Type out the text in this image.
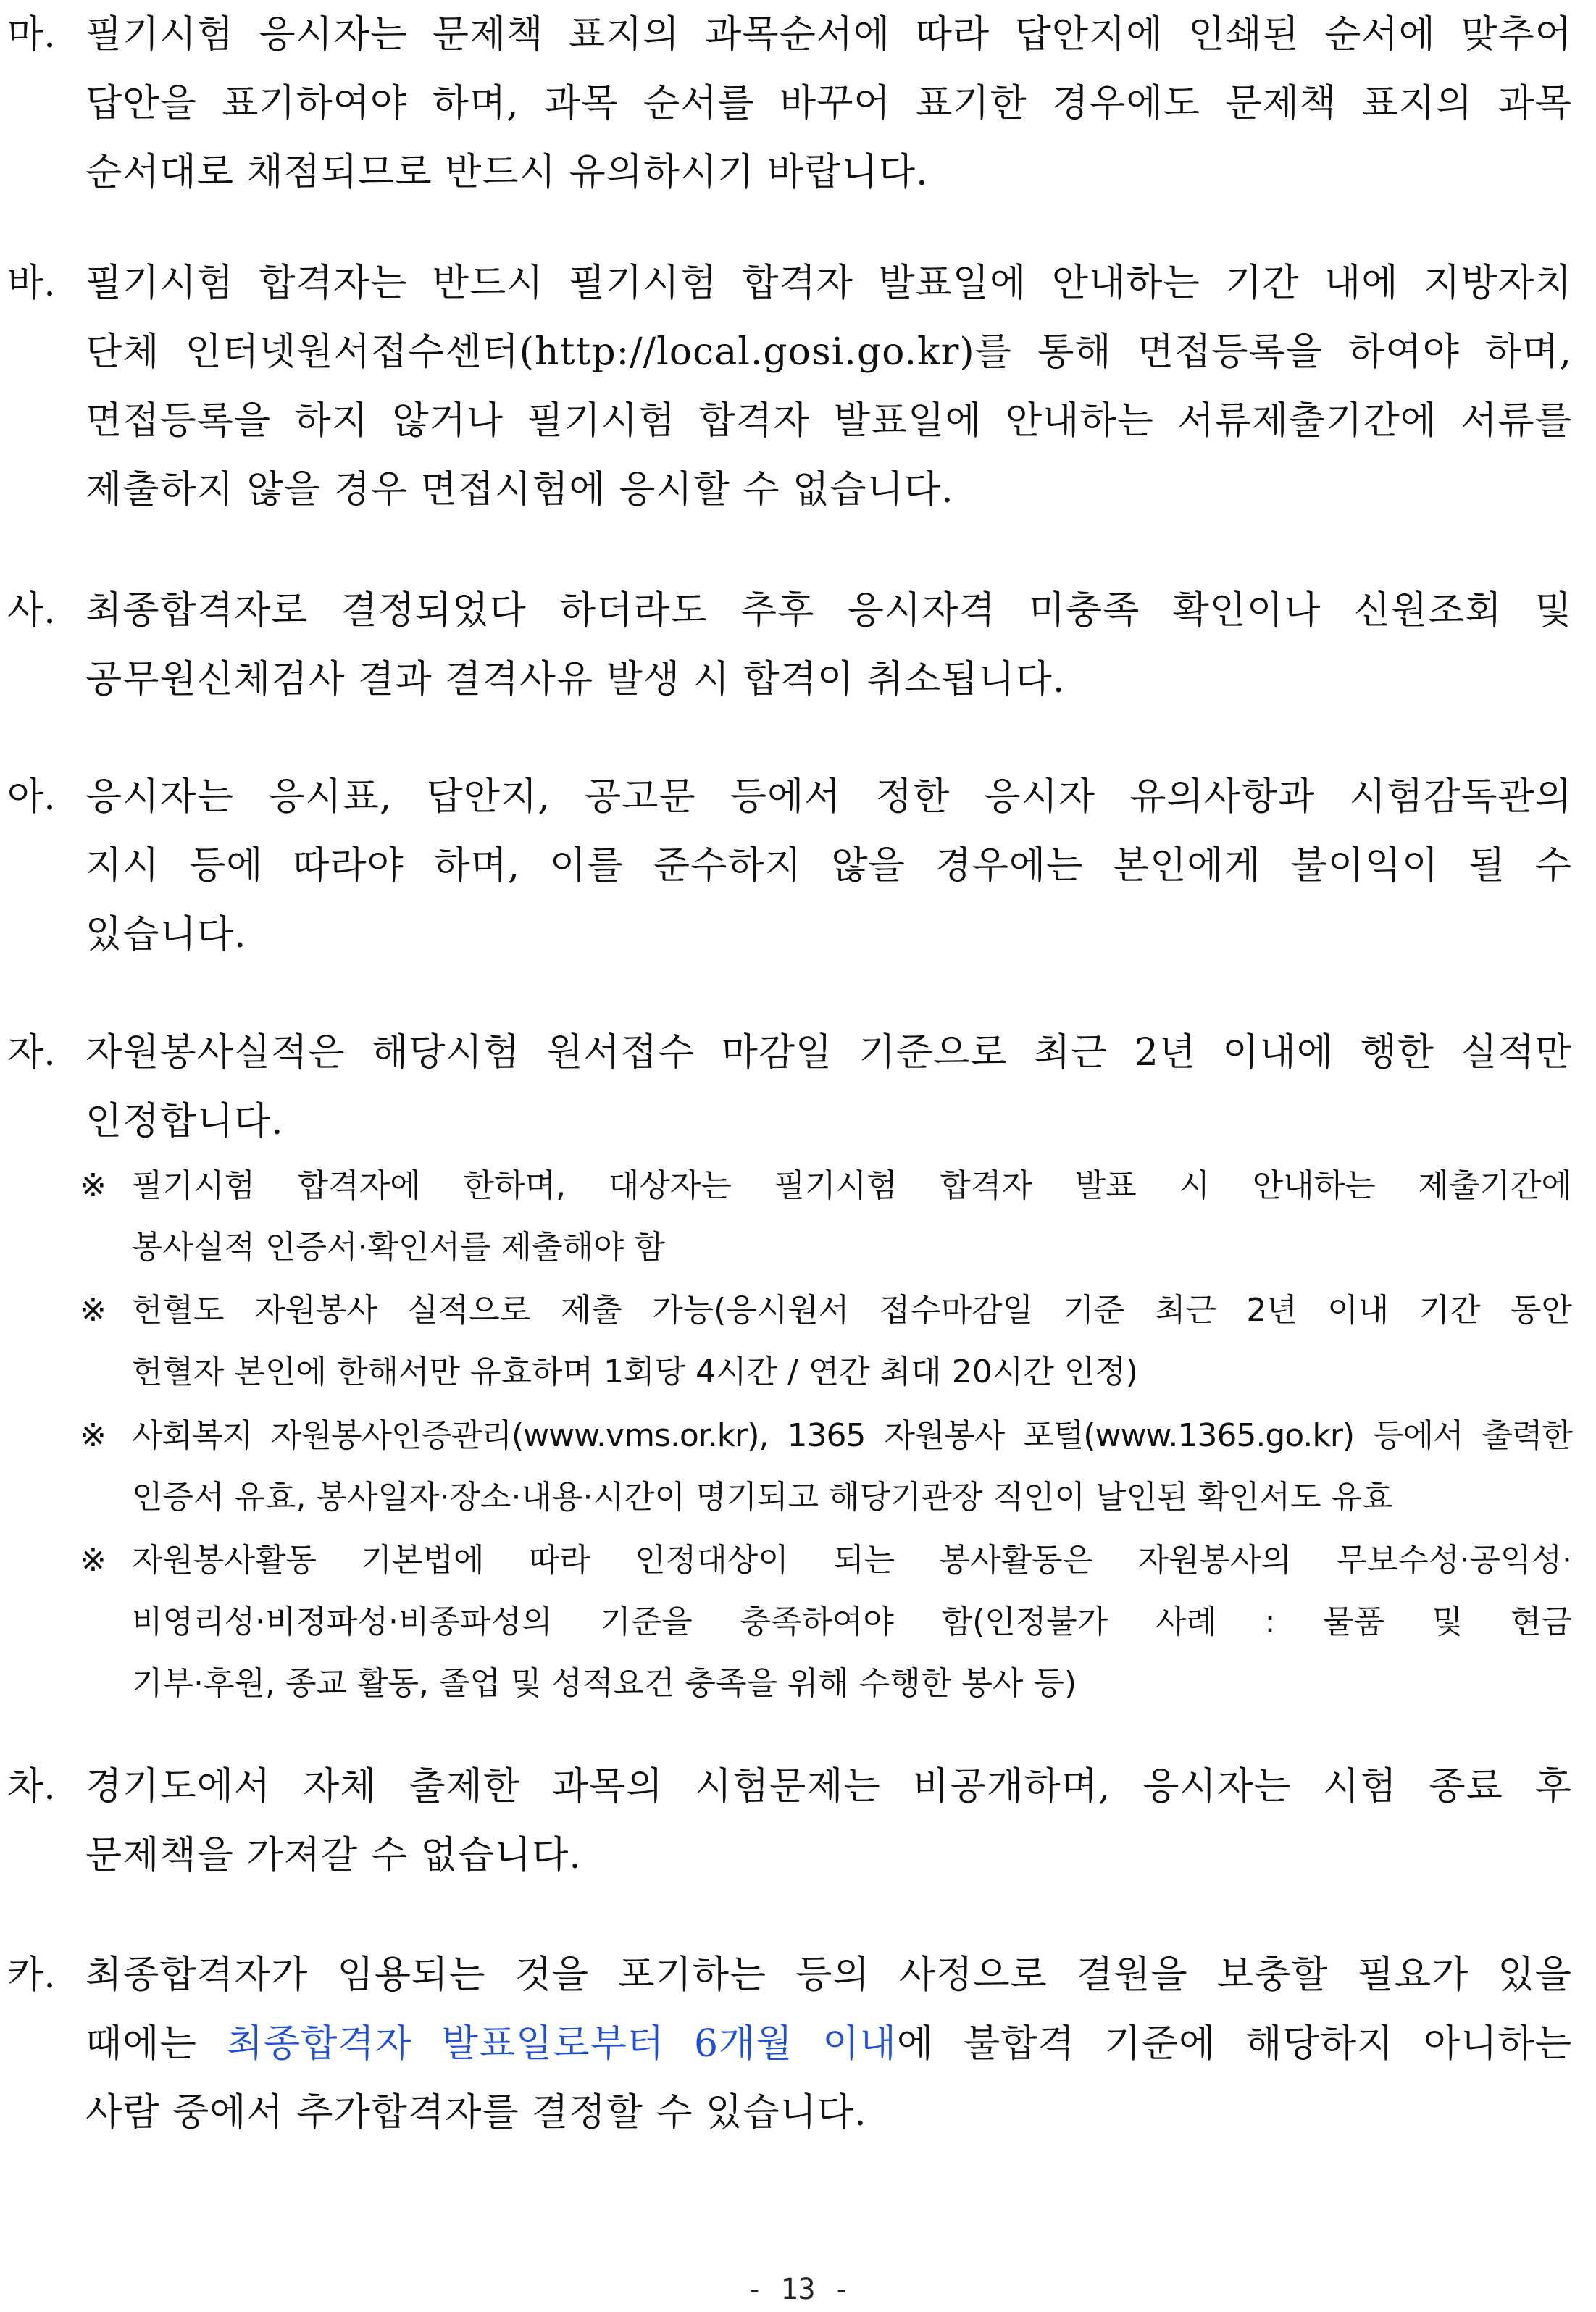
마. 필기시험 응시자는 문제책 표지의 과목순서에 따라 답안지에 인쇄된 순서에 맞추어
답안을 표기하여야 하며, 과목 순서를 바꾸어 표기한 경우에도 문제책 표지의 과목
순서대로 채점되므로 반드시 유의하시기 바랍니다.
바. 필기시험 합격자는 반드시 필기시험 합격자 발표일에 안내하는 기간 내에 지방자치
단체 인터넷원서접수센터(http://local.gosi.go.kr)를 통해 면접등록을 하여야 하며,
면접등록을 하지 않거나 필기시험 합격자 발표일에 안내하는 서류제출기간에 서류를
제출하지 않을 경우 면접시험에 응시할 수 없습니다.
사. 최종합격자로 결정되었다 하더라도 추후 응시자격 미충족 확인이나 신원조회 및
공무원신체검사 결과 결격사유 발생 시 합격이 취소됩니다.
아. 응시자는 응시표, 답안지, 공고문 등에서 정한 응시자 유의사항과 시험감독관의
지시 등에 따라야 하며, 이를 준수하지 않을 경우에는 본인에게 불이익이 될 수
있습니다.
자. 자원봉사실적은 해당시험 원서접수 마감일 기준으로 최근 2년 이내에 행한 실적만
인정합니다.
※ 필기시험 합격자에 한하며, 대상자는 필기시험 합격자 발표 시 안내하는 제출기간에
봉사실적 인증서·확인서를 제출해야 함
※ 헌혈도 자원봉사 실적으로 제출 가능(응시원서 접수마감일 기준 최근 2년 이내 기간 동안
헌혈자 본인에 한해서만 유효하며 1회당 4시간 / 연간 최대 20시간 인정)
※ 사회복지 자원봉사인증관리(www.vms.or.kr), 1365 자원봉사 포털(www.1365.go.kr) 등에서 출력한
인증서 유효, 봉사일자·장소·내용·시간이 명기되고 해당기관장 직인이 날인된 확인서도 유효
※ 자원봉사활동 기본법에 따라 인정대상이 되는 봉사활동은 자원봉사의 무보수성·공익성·
비영리성·비정파성·비종파성의 기준을 충족하여야 함(인정불가 사례 : 물품 및 현금
기부·후원, 종교 활동, 졸업 및 성적요건 충족을 위해 수행한 봉사 등)
차. 경기도에서 자체 출제한 과목의 시험문제는 비공개하며, 응시자는 시험 종료 후
문제책을 가져갈 수 없습니다.
카. 최종합격자가 임용되는 것을 포기하는 등의 사정으로 결원을 보충할 필요가 있을
때에는 최종합격자 발표일로부터 6개월 이내에 불합격 기준에 해당하지 아니하는
사람 중에서 추가합격자를 결정할 수 있습니다.
- 13 -
